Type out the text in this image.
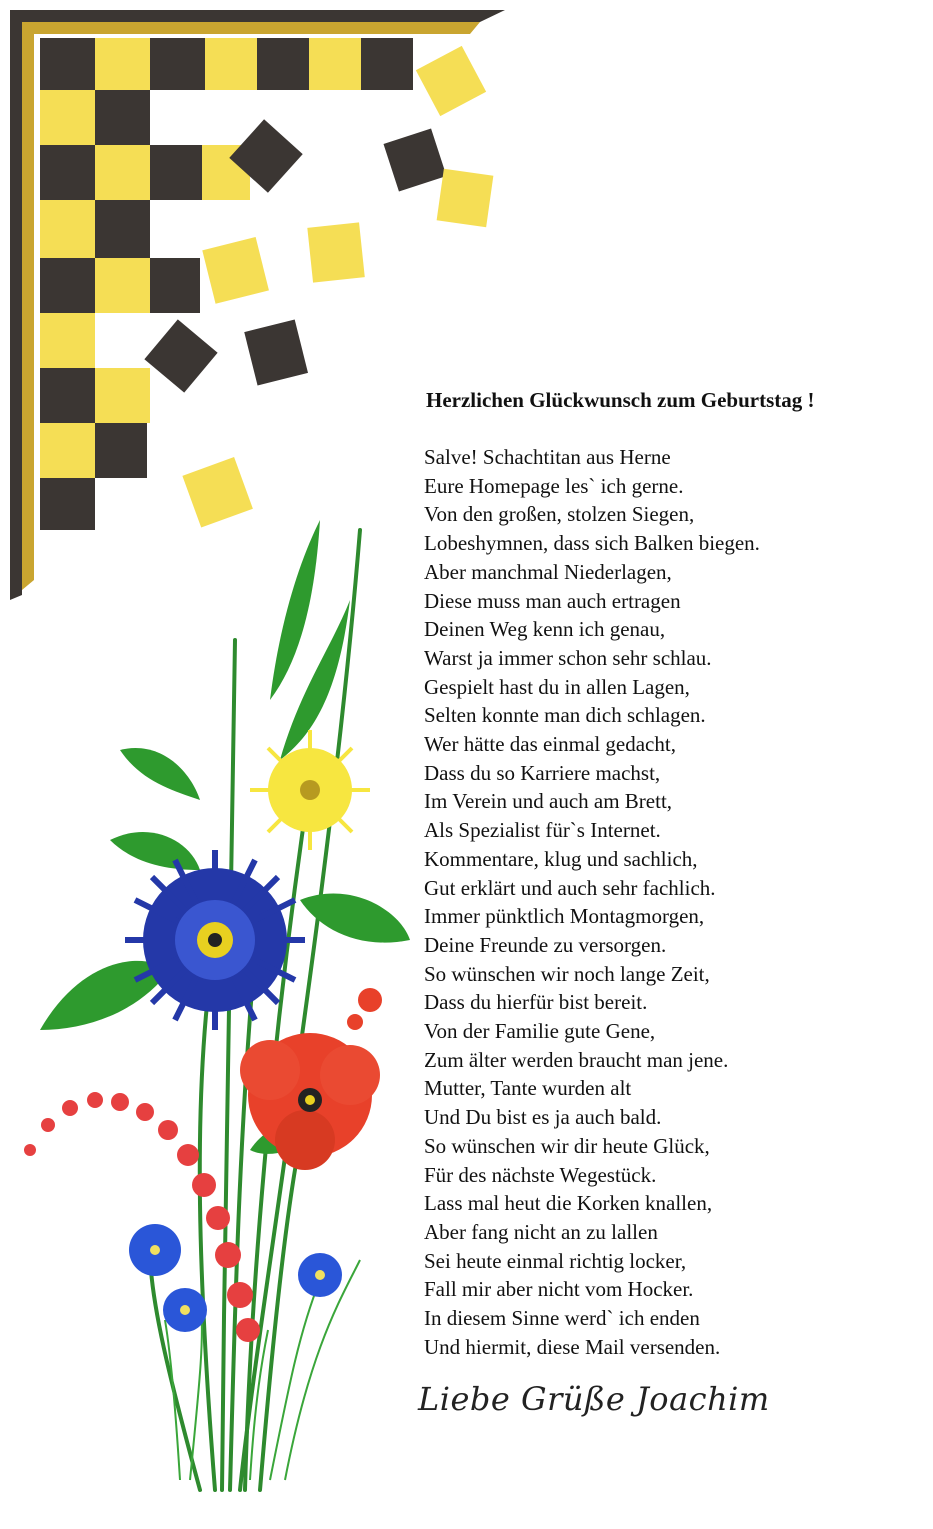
Herzlichen Glückwunsch zum Geburtstag !
Salve! Schachtitan aus Herne
Eure Homepage les` ich gerne.
Von den großen, stolzen Siegen,
Lobeshymnen, dass sich Balken biegen.
Aber manchmal Niederlagen,
Diese muss man auch ertragen
Deinen Weg kenn ich genau,
Warst ja immer schon sehr schlau.
Gespielt hast du in allen Lagen,
Selten konnte man dich schlagen.
Wer hätte das einmal gedacht,
Dass du so Karriere machst,
Im Verein und auch am Brett,
Als Spezialist für`s Internet.
Kommentare, klug und sachlich,
Gut erklärt und auch sehr fachlich.
Immer pünktlich Montagmorgen,
Deine Freunde zu versorgen.
So wünschen wir noch lange Zeit,
Dass du hierfür bist bereit.
Von der Familie gute Gene,
Zum älter werden braucht man jene.
Mutter, Tante wurden alt
Und Du bist es ja auch bald.
So wünschen wir dir heute Glück,
Für des nächste Wegestück.
Lass mal heut die Korken knallen,
Aber fang nicht an zu lallen
Sei heute einmal richtig locker,
Fall mir aber nicht vom Hocker.
In diesem Sinne werd` ich enden
Und hiermit, diese Mail versenden.
Liebe Grüße Joachim
